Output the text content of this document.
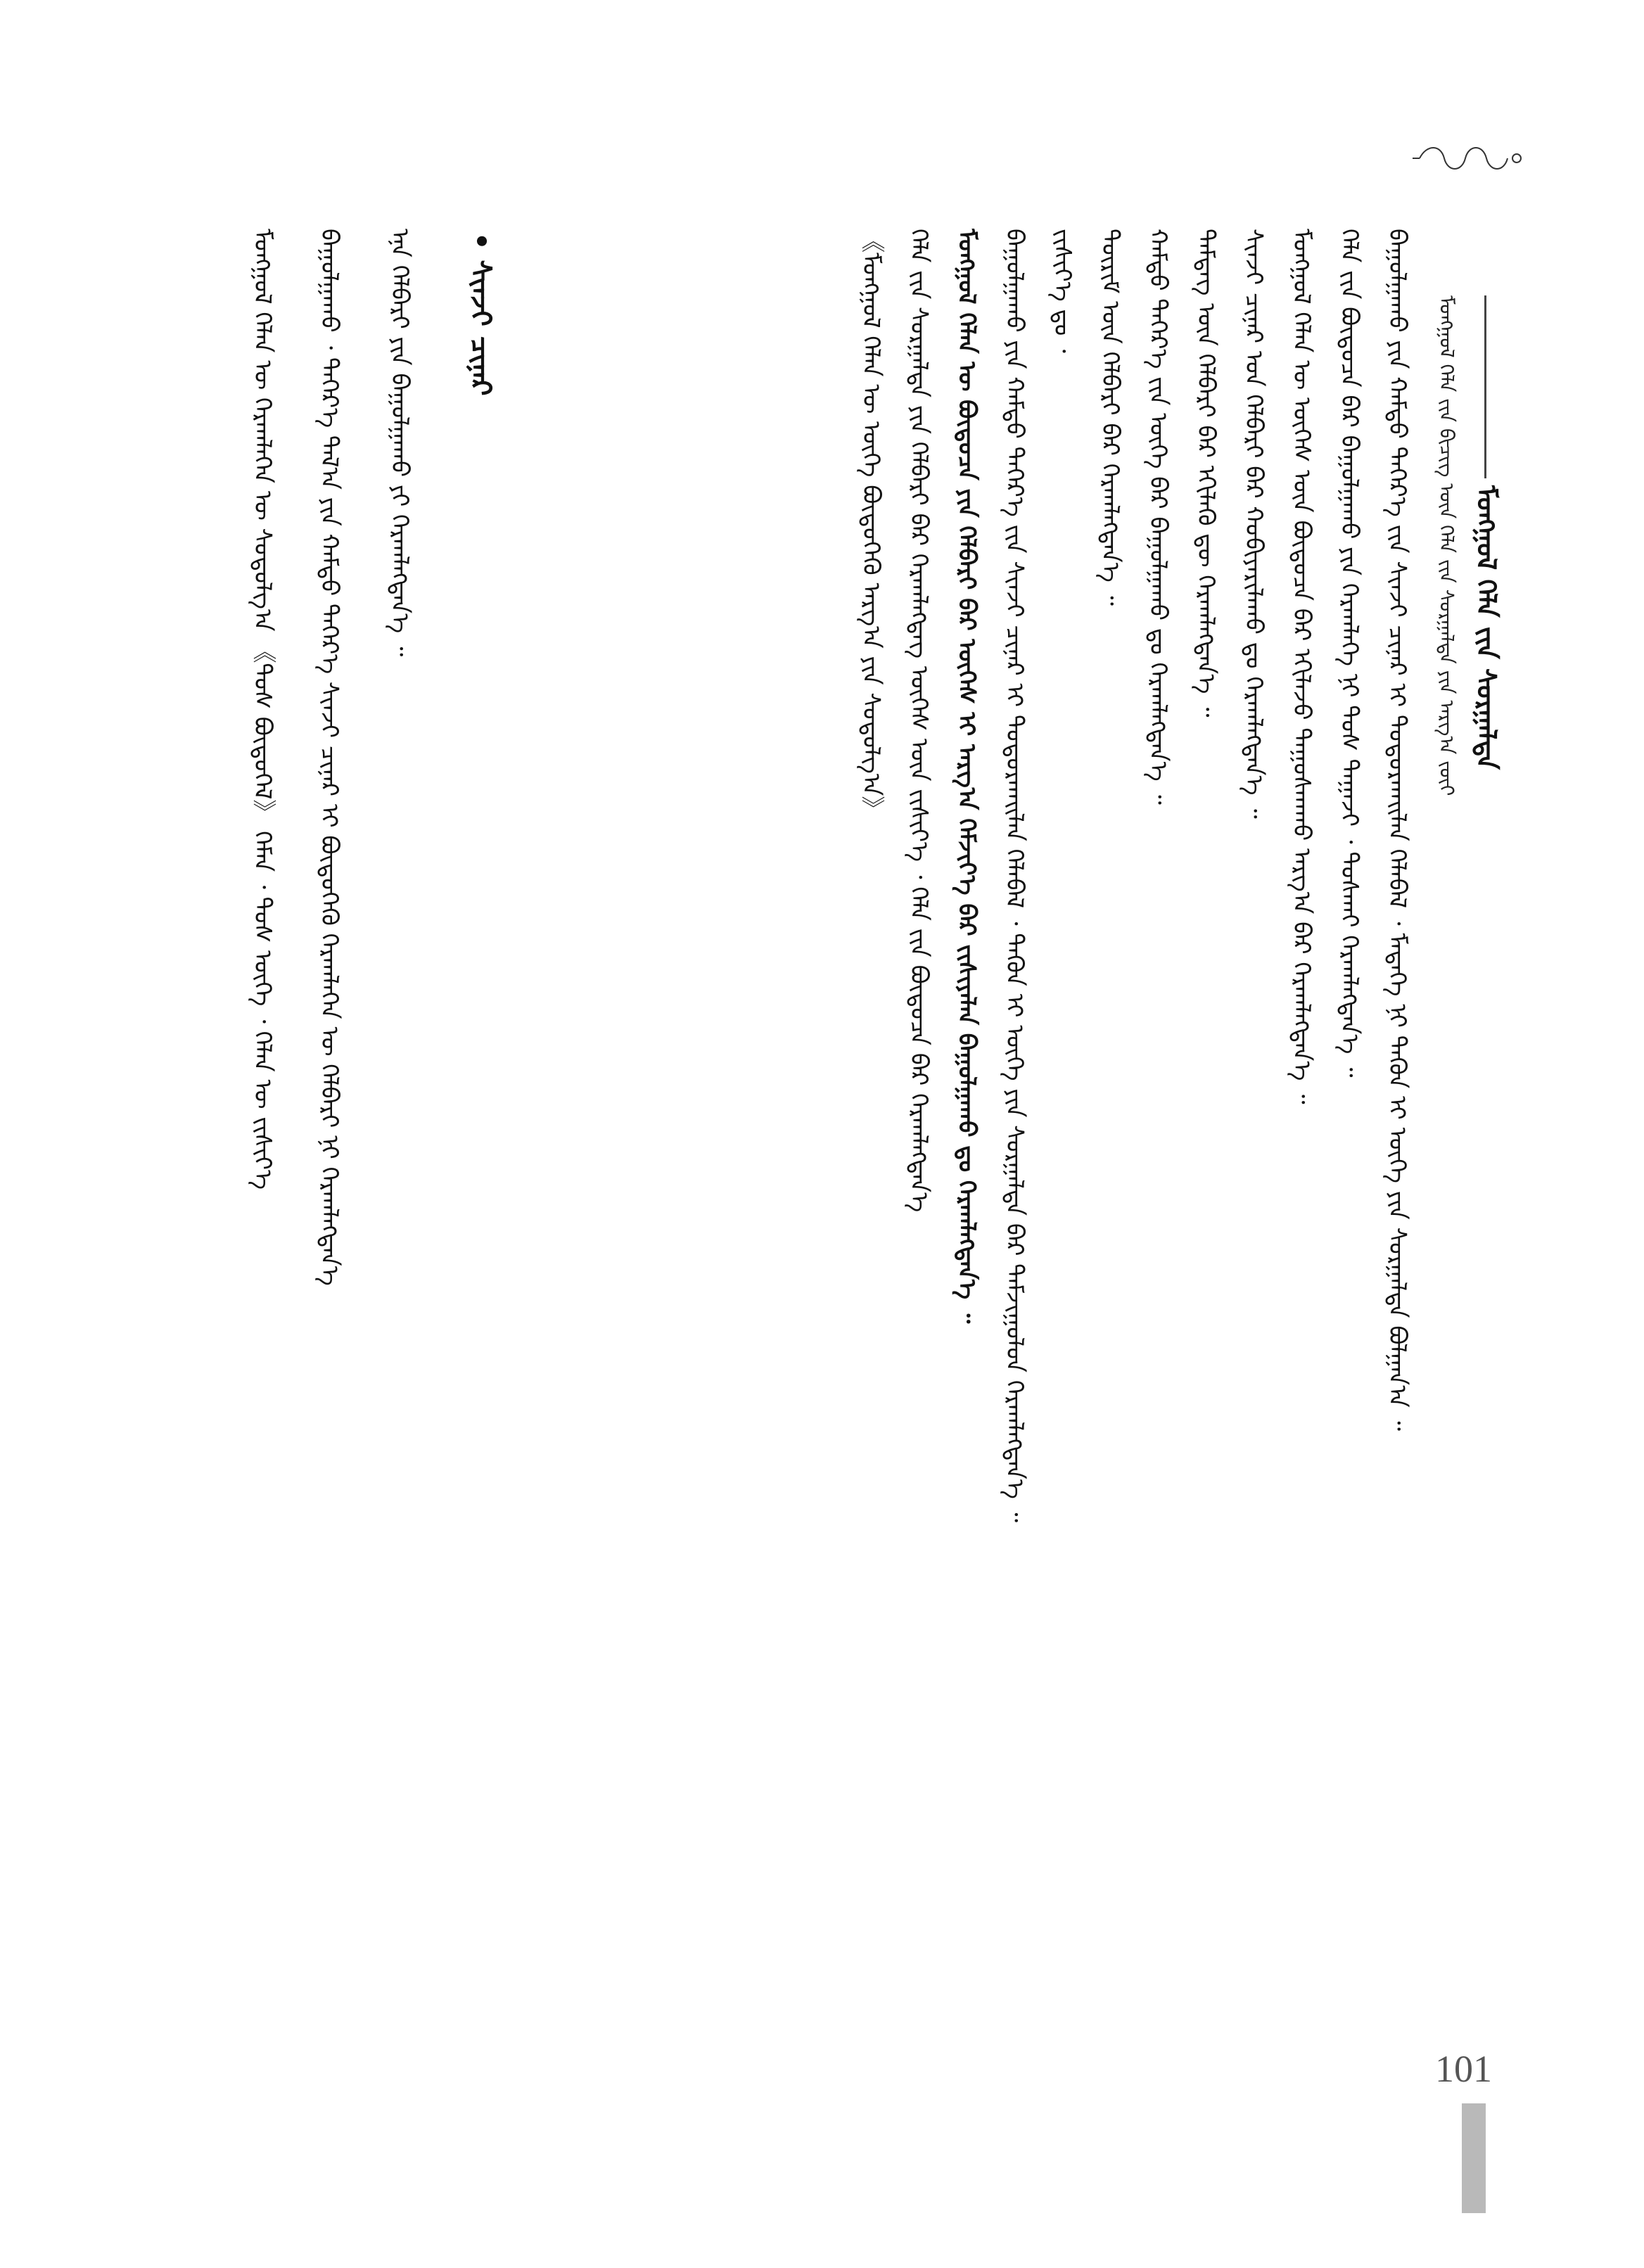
ᠮᠣᠩᠭᠣᠯ ᠬᠡᠯᠡ ᠵᠢᠨ ᠪᠢᠴᠢᠭ᠌ ᠦᠨ ᠬᠡᠯᠡ ᠵᠢᠨ ᠰᠤᠷᠭᠠᠯᠲᠠ ᠶᠢᠨ ᠠᠷᠭ᠎ᠠ ᠵᠦᠢ ᠮᠣᠩᠭᠣᠯ ᠬᠡᠯᠡ ᠵᠢᠨ ᠰᠤᠷᠭᠠᠯᠲᠠ
ᠪᠠᠭᠤᠯᠭᠠᠬᠤ ᠶᠢᠨ ᠬᠠᠮᠲᠤ ᠳᠡᠭᠡᠷ᠎ᠡ ᠵᠢᠨ ᠰᠢᠨᠵᠢ ᠴᠢᠨᠠᠷ ᠢ ᠲᠣᠳᠣᠷᠬᠠᠢᠯᠠᠨ ᠬᠡᠯᠡᠪᠡᠯ ᠂ ᠮᠡᠳᠡᠭᠡ ᠨᠢ ᠲᠡᠭᠦᠨ ᠢ ᠦᠭᠡ ᠶᠢᠨ ᠰᠤᠷᠭᠠᠯᠲᠠ ᠪᠣᠯᠭᠠᠨ᠎ᠠ ᠃
ᠬᠡᠯᠡ ᠵᠢᠨ ᠪᠦᠲᠦᠴᠡ ᠪᠠᠷ ᠪᠠᠭᠤᠯᠭᠠᠬᠤ ᠶᠢᠨ ᠬᠡᠷᠡᠭ᠍ᠯᠡᠭᠡ ᠨᠢ ᠲᠤᠰ ᠳᠠᠭᠠᠵᠢ ᠂ ᠲᠤᠰᠬᠠᠢ ᠬᠡᠷᠡᠭ᠍ᠯᠡᠭᠳᠡᠨ᠎ᠡ ᠃
ᠮᠣᠩᠭᠣᠯ ᠬᠡᠯᠡᠨ ᠦ ᠦᠭᠡᠰ ᠦᠨ ᠪᠦᠲᠦᠴᠡ ᠪᠠᠷ ᠡᠬᠢᠯᠡᠵᠦ ᠳᠠᠭᠤᠰᠬᠠᠬᠤ ᠠᠷᠭ᠎ᠠ ᠪᠠᠷ ᠬᠡᠷᠡᠭ᠍ᠯᠡᠭᠳᠡᠨ᠎ᠡ ᠃
ᠰᠢᠨᠵᠢ ᠴᠢᠨᠠᠷ ᠤᠨ ᠬᠡᠯᠪᠡᠷᠢ ᠪᠠᠷ ᠬᠤᠪᠢᠶᠠᠷᠢᠯᠠᠬᠤ ᠳᠤ ᠬᠡᠷᠡᠭ᠍ᠯᠡᠭᠳᠡᠨ᠎ᠡ ᠃
ᠲᠡᠮᠳᠡᠭ ᠦᠨ ᠬᠡᠯᠪᠡᠷᠢ ᠪᠠᠷ ᠡᠬᠢᠯᠡᠬᠦ ᠳᠦ ᠬᠡᠷᠡᠭ᠍ᠯᠡᠭᠳᠡᠨ᠎ᠡ ᠃
ᠬᠠᠮᠲᠤ ᠳᠡᠭᠡᠷ᠎ᠡ ᠵᠢᠨ ᠦᠭᠡ ᠪᠠᠷ ᠪᠠᠭᠤᠯᠭᠠᠬᠤ ᠳᠤ ᠬᠡᠷᠡᠭ᠍ᠯᠡᠭᠳᠡᠨ᠎ᠡ ᠃
ᠳᠦᠷᠢᠮ ᠦᠨ ᠬᠡᠯᠪᠡᠷᠢ ᠪᠠᠷ ᠬᠡᠷᠡᠭ᠍ᠯᠡᠭᠳᠡᠨ᠎ᠡ ᠃
ᠵᠢᠱᠢᠶ᠎ᠡ ᠳᠤ ᠂
ᠪᠠᠭᠤᠯᠭᠠᠬᠤ ᠶᠢᠨ ᠬᠠᠮᠲᠤ ᠳᠡᠭᠡᠷ᠎ᠡ ᠵᠢᠨ ᠰᠢᠨᠵᠢ ᠴᠢᠨᠠᠷ ᠢ ᠲᠣᠳᠣᠷᠬᠠᠢᠯᠠᠨ ᠬᠡᠯᠡᠪᠡᠯ ᠂ ᠲᠡᠭᠦᠨ ᠢ ᠦᠭᠡ ᠶᠢᠨ ᠰᠤᠷᠭᠠᠯᠲᠠ ᠪᠠᠷ ᠳᠠᠮᠵᠢᠭᠤᠯᠤᠨ ᠬᠡᠷᠡᠭ᠍ᠯᠡᠭᠳᠡᠨ᠎ᠡ ᠃
ᠮᠣᠩᠭᠣᠯ ᠬᠡᠯᠡᠨ ᠦ ᠪᠦᠲᠦᠴᠡ ᠶᠢᠨ ᠬᠡᠯᠪᠡᠷᠢ ᠪᠠᠷ ᠦᠭᠡᠰ ᠢ ᠠᠷᠭ᠎ᠠ ᠬᠡᠮᠵᠢᠶ᠎ᠡ ᠪᠠᠷ ᠵᠢᠱᠢᠶᠡᠯᠡᠨ ᠪᠠᠭᠤᠯᠭᠠᠬᠤ ᠳᠤ ᠬᠡᠷᠡᠭ᠍ᠯᠡᠭᠳᠡᠨ᠎ᠡ ᠃
ᠬᠡᠯᠡ ᠵᠢᠨ ᠰᠤᠷᠭᠠᠯᠲᠠ ᠶᠢᠨ ᠬᠡᠯᠪᠡᠷᠢ ᠪᠠᠷ ᠬᠡᠷᠡᠭ᠍ᠯᠡᠭᠳᠡᠭ ᠦᠭᠡᠰ ᠦᠨ ᠵᠢᠱᠢᠶ᠎ᠡ ᠂ ᠬᠡᠯᠡ ᠵᠢᠨ ᠪᠦᠲᠦᠴᠡ ᠪᠠᠷ ᠬᠡᠷᠡᠭ᠍ᠯᠡᠭᠳᠡᠨ᠎ᠡ
《ᠮᠣᠩᠭᠣᠯ ᠬᠡᠯᠡᠨ ᠦ ᠦᠭᠡ ᠪᠦᠲᠦᠭᠡᠬᠦ ᠠᠷᠭ᠎ᠠ ᠶᠢᠨ ᠰᠤᠳᠤᠯᠭ᠎ᠠ》
• ᠰᠢᠨᠵᠢ ᠴᠢᠨᠠᠷ
ᠡᠨᠡ ᠬᠡᠯᠪᠡᠷᠢ ᠶᠢᠨ ᠪᠠᠭᠤᠯᠭᠠᠬᠤ ᠶᠢ ᠬᠡᠷᠡᠭ᠍ᠯᠡᠭᠳᠡᠨ᠎ᠡ ᠃
ᠪᠠᠭᠤᠯᠭᠠᠬᠤ ᠂ ᠳᠡᠭᠡᠷ᠎ᠡ ᠲᠠᠯ᠎ᠠ ᠶᠢᠨ ᠬᠠᠮᠲᠤ ᠳᠡᠭᠡᠷ᠎ᠡ ᠰᠢᠨᠵᠢ ᠴᠢᠨᠠᠷ ᠢ ᠪᠦᠲᠦᠭᠡᠬᠦ ᠬᠡᠷᠡᠭ᠍ᠯᠡᠭᠡᠨ ᠦ ᠬᠡᠯᠪᠡᠷᠢ ᠨᠢ ᠬᠡᠷᠡᠭ᠍ᠯᠡᠭᠳᠡᠨ᠎ᠡ
ᠮᠣᠩᠭᠣᠯ ᠬᠡᠯᠡᠨ ᠦ ᠬᠡᠷᠡᠭ᠍ᠯᠡᠭᠡᠨ ᠦ ᠰᠤᠳᠤᠯᠭ᠎ᠠ 《ᠲᠤᠰ ᠪᠦᠲᠦᠭᠡᠯ》 ᠬᠡᠮᠡᠨ ᠂ ᠲᠤᠰ ᠦᠭᠡ ᠂ ᠬᠡᠯᠡᠨ ᠦ ᠵᠢᠱᠢᠶ᠎ᠡ
101
